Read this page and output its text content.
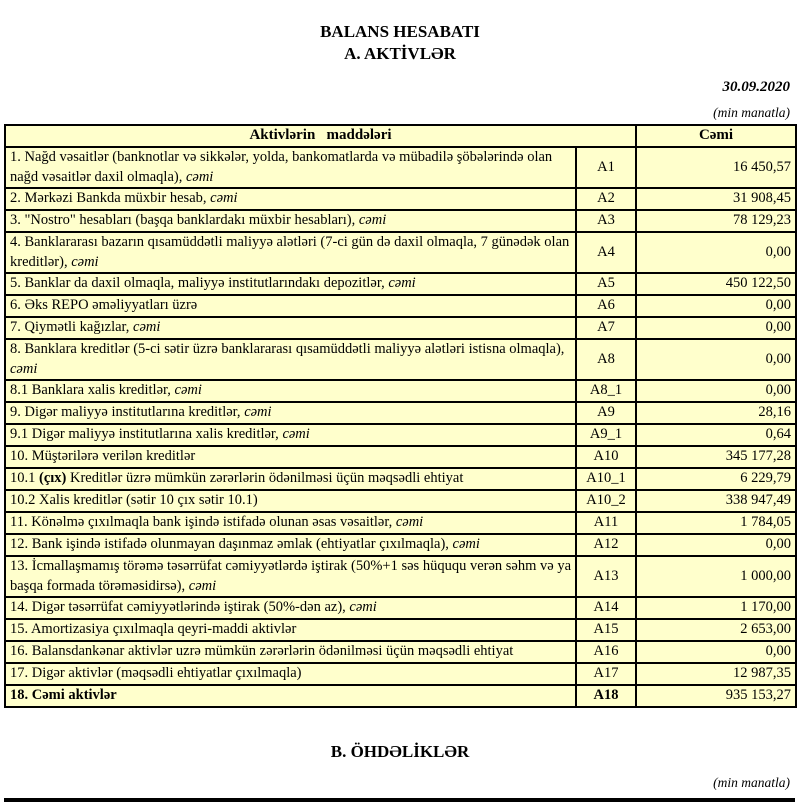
BALANS HESABATI
A. AKTİVLƏR
30.09.2020
(min manatla)
Aktivlərin   maddələri		Cəmi
1. Nağd vəsaitlər (banknotlar və sikkələr, yolda, bankomatlarda və mübadilə şöbələrində olan nağd vəsaitlər daxil olmaqla), cəmi	A1	16 450,57
2. Mərkəzi Bankda müxbir hesab, cəmi	A2	31 908,45
3. "Nostro" hesabları (başqa banklardakı müxbir hesabları), cəmi	A3	78 129,23
4. Banklararası bazarın qısamüddətli maliyyə alətləri (7-ci gün də daxil olmaqla, 7 günədək olan kreditlər), cəmi	A4	0,00
5. Banklar da daxil olmaqla, maliyyə institutlarındakı depozitlər, cəmi	A5	450 122,50
6. Əks REPO əməliyyatları üzrə	A6	0,00
7. Qiymətli kağızlar, cəmi	A7	0,00
8. Banklara kreditlər (5-ci sətir üzrə banklararası qısamüddətli maliyyə alətləri istisna olmaqla), cəmi	A8	0,00
8.1 Banklara xalis kreditlər, cəmi	A8_1	0,00
9. Digər maliyyə institutlarına kreditlər, cəmi	A9	28,16
9.1 Digər maliyyə institutlarına xalis kreditlər, cəmi	A9_1	0,64
10. Müştərilərə verilən kreditlər	A10	345 177,28
10.1 (çıx) Kreditlər üzrə mümkün zərərlərin ödənilməsi üçün məqsədli ehtiyat	A10_1	6 229,79
10.2 Xalis kreditlər (sətir 10 çıx sətir 10.1)	A10_2	338 947,49
11. Könəlmə çıxılmaqla bank işində istifadə olunan əsas vəsaitlər, cəmi	A11	1 784,05
12. Bank işində istifadə olunmayan daşınmaz əmlak (ehtiyatlar çıxılmaqla), cəmi	A12	0,00
13. İcmallaşmamış törəmə təsərrüfat cəmiyyətlərdə iştirak (50%+1 səs hüququ verən səhm və ya başqa formada törəməsidirsə), cəmi	A13	1 000,00
14. Digər təsərrüfat cəmiyyətlərində iştirak (50%-dən az), cəmi	A14	1 170,00
15. Amortizasiya çıxılmaqla qeyri-maddi aktivlər	A15	2 653,00
16. Balansdankənar aktivlər uzrə mümkün zərərlərin ödənilməsi üçün məqsədli ehtiyat	A16	0,00
17. Digər aktivlər (məqsədli ehtiyatlar çıxılmaqla)	A17	12 987,35
18. Cəmi aktivlər	A18	935 153,27
B. ÖHDƏLİKLƏR
(min manatla)
